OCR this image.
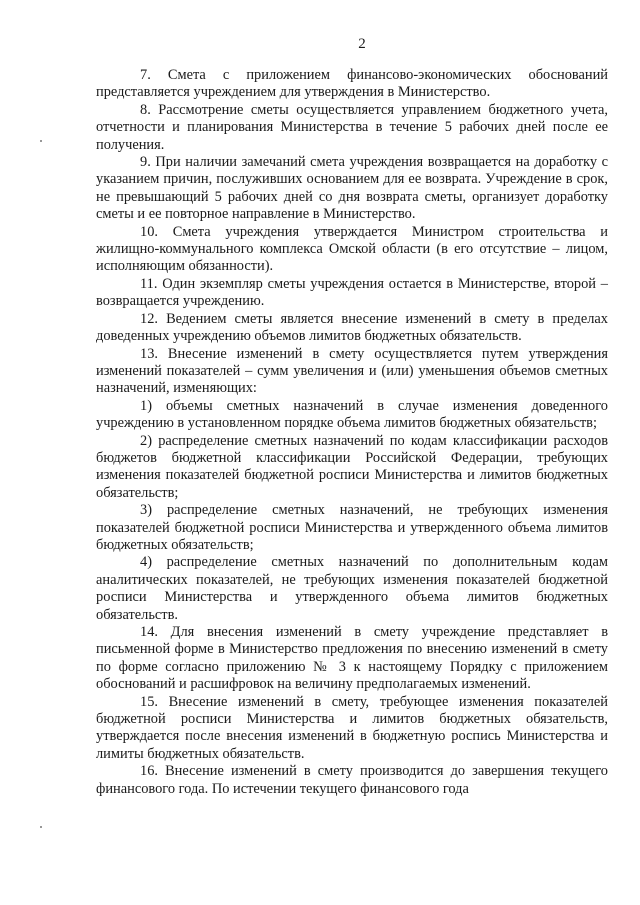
2

7. Смета с приложением финансово-экономических обоснований представляется учреждением для утверждения в Министерство.

8. Рассмотрение сметы осуществляется управлением бюджетного учета, отчетности и планирования Министерства в течение 5 рабочих дней после ее получения.

9. При наличии замечаний смета учреждения возвращается на доработку с указанием причин, послуживших основанием для ее возврата. Учреждение в срок, не превышающий 5 рабочих дней со дня возврата сметы, организует доработку сметы и ее повторное направление в Министерство.

10. Смета учреждения утверждается Министром строительства и жилищно-коммунального комплекса Омской области (в его отсутствие – лицом, исполняющим обязанности).

11. Один экземпляр сметы учреждения остается в Министерстве, второй – возвращается учреждению.

12. Ведением сметы является внесение изменений в смету в пределах доведенных учреждению объемов лимитов бюджетных обязательств.

13. Внесение изменений в смету осуществляется путем утверждения изменений показателей – сумм увеличения и (или) уменьшения объемов сметных назначений, изменяющих:

1) объемы сметных назначений в случае изменения доведенного учреждению в установленном порядке объема лимитов бюджетных обязательств;

2) распределение сметных назначений по кодам классификации расходов бюджетов бюджетной классификации Российской Федерации, требующих изменения показателей бюджетной росписи Министерства и лимитов бюджетных обязательств;

3) распределение сметных назначений, не требующих изменения показателей бюджетной росписи Министерства и утвержденного объема лимитов бюджетных обязательств;

4) распределение сметных назначений по дополнительным кодам аналитических показателей, не требующих изменения показателей бюджетной росписи Министерства и утвержденного объема лимитов бюджетных обязательств.

14. Для внесения изменений в смету учреждение представляет в письменной форме в Министерство предложения по внесению изменений в смету по форме согласно приложению № 3 к настоящему Порядку с приложением обоснований и расшифровок на величину предполагаемых изменений.

15. Внесение изменений в смету, требующее изменения показателей бюджетной росписи Министерства и лимитов бюджетных обязательств, утверждается после внесения изменений в бюджетную роспись Министерства и лимиты бюджетных обязательств.

16. Внесение изменений в смету производится до завершения текущего финансового года. По истечении текущего финансового года
